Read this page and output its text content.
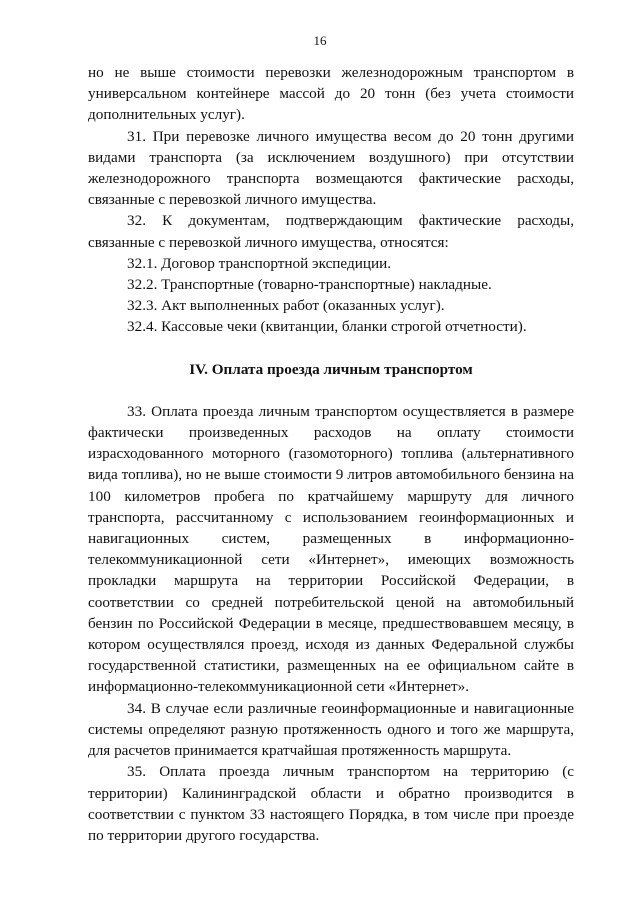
16

но не выше стоимости перевозки железнодорожным транспортом в универсальном контейнере массой до 20 тонн (без учета стоимости дополнительных услуг).

31. При перевозке личного имущества весом до 20 тонн другими видами транспорта (за исключением воздушного) при отсутствии железнодорожного транспорта возмещаются фактические расходы, связанные с перевозкой личного имущества.

32. К документам, подтверждающим фактические расходы, связанные с перевозкой личного имущества, относятся:

32.1. Договор транспортной экспедиции.

32.2. Транспортные (товарно-транспортные) накладные.

32.3. Акт выполненных работ (оказанных услуг).

32.4. Кассовые чеки (квитанции, бланки строгой отчетности).

IV. Оплата проезда личным транспортом

33. Оплата проезда личным транспортом осуществляется в размере фактически произведенных расходов на оплату стоимости израсходованного моторного (газомоторного) топлива (альтернативного вида топлива), но не выше стоимости 9 литров автомобильного бензина на 100 километров пробега по кратчайшему маршруту для личного транспорта, рассчитанному с использованием геоинформационных и навигационных систем, размещенных в информационно-телекоммуникационной сети «Интернет», имеющих возможность прокладки маршрута на территории Российской Федерации, в соответствии со средней потребительской ценой на автомобильный бензин по Российской Федерации в месяце, предшествовавшем месяцу, в котором осуществлялся проезд, исходя из данных Федеральной службы государственной статистики, размещенных на ее официальном сайте в информационно-телекоммуникационной сети «Интернет».

34. В случае если различные геоинформационные и навигационные системы определяют разную протяженность одного и того же маршрута, для расчетов принимается кратчайшая протяженность маршрута.

35. Оплата проезда личным транспортом на территорию (с территории) Калининградской области и обратно производится в соответствии с пунктом 33 настоящего Порядка, в том числе при проезде по территории другого государства.
